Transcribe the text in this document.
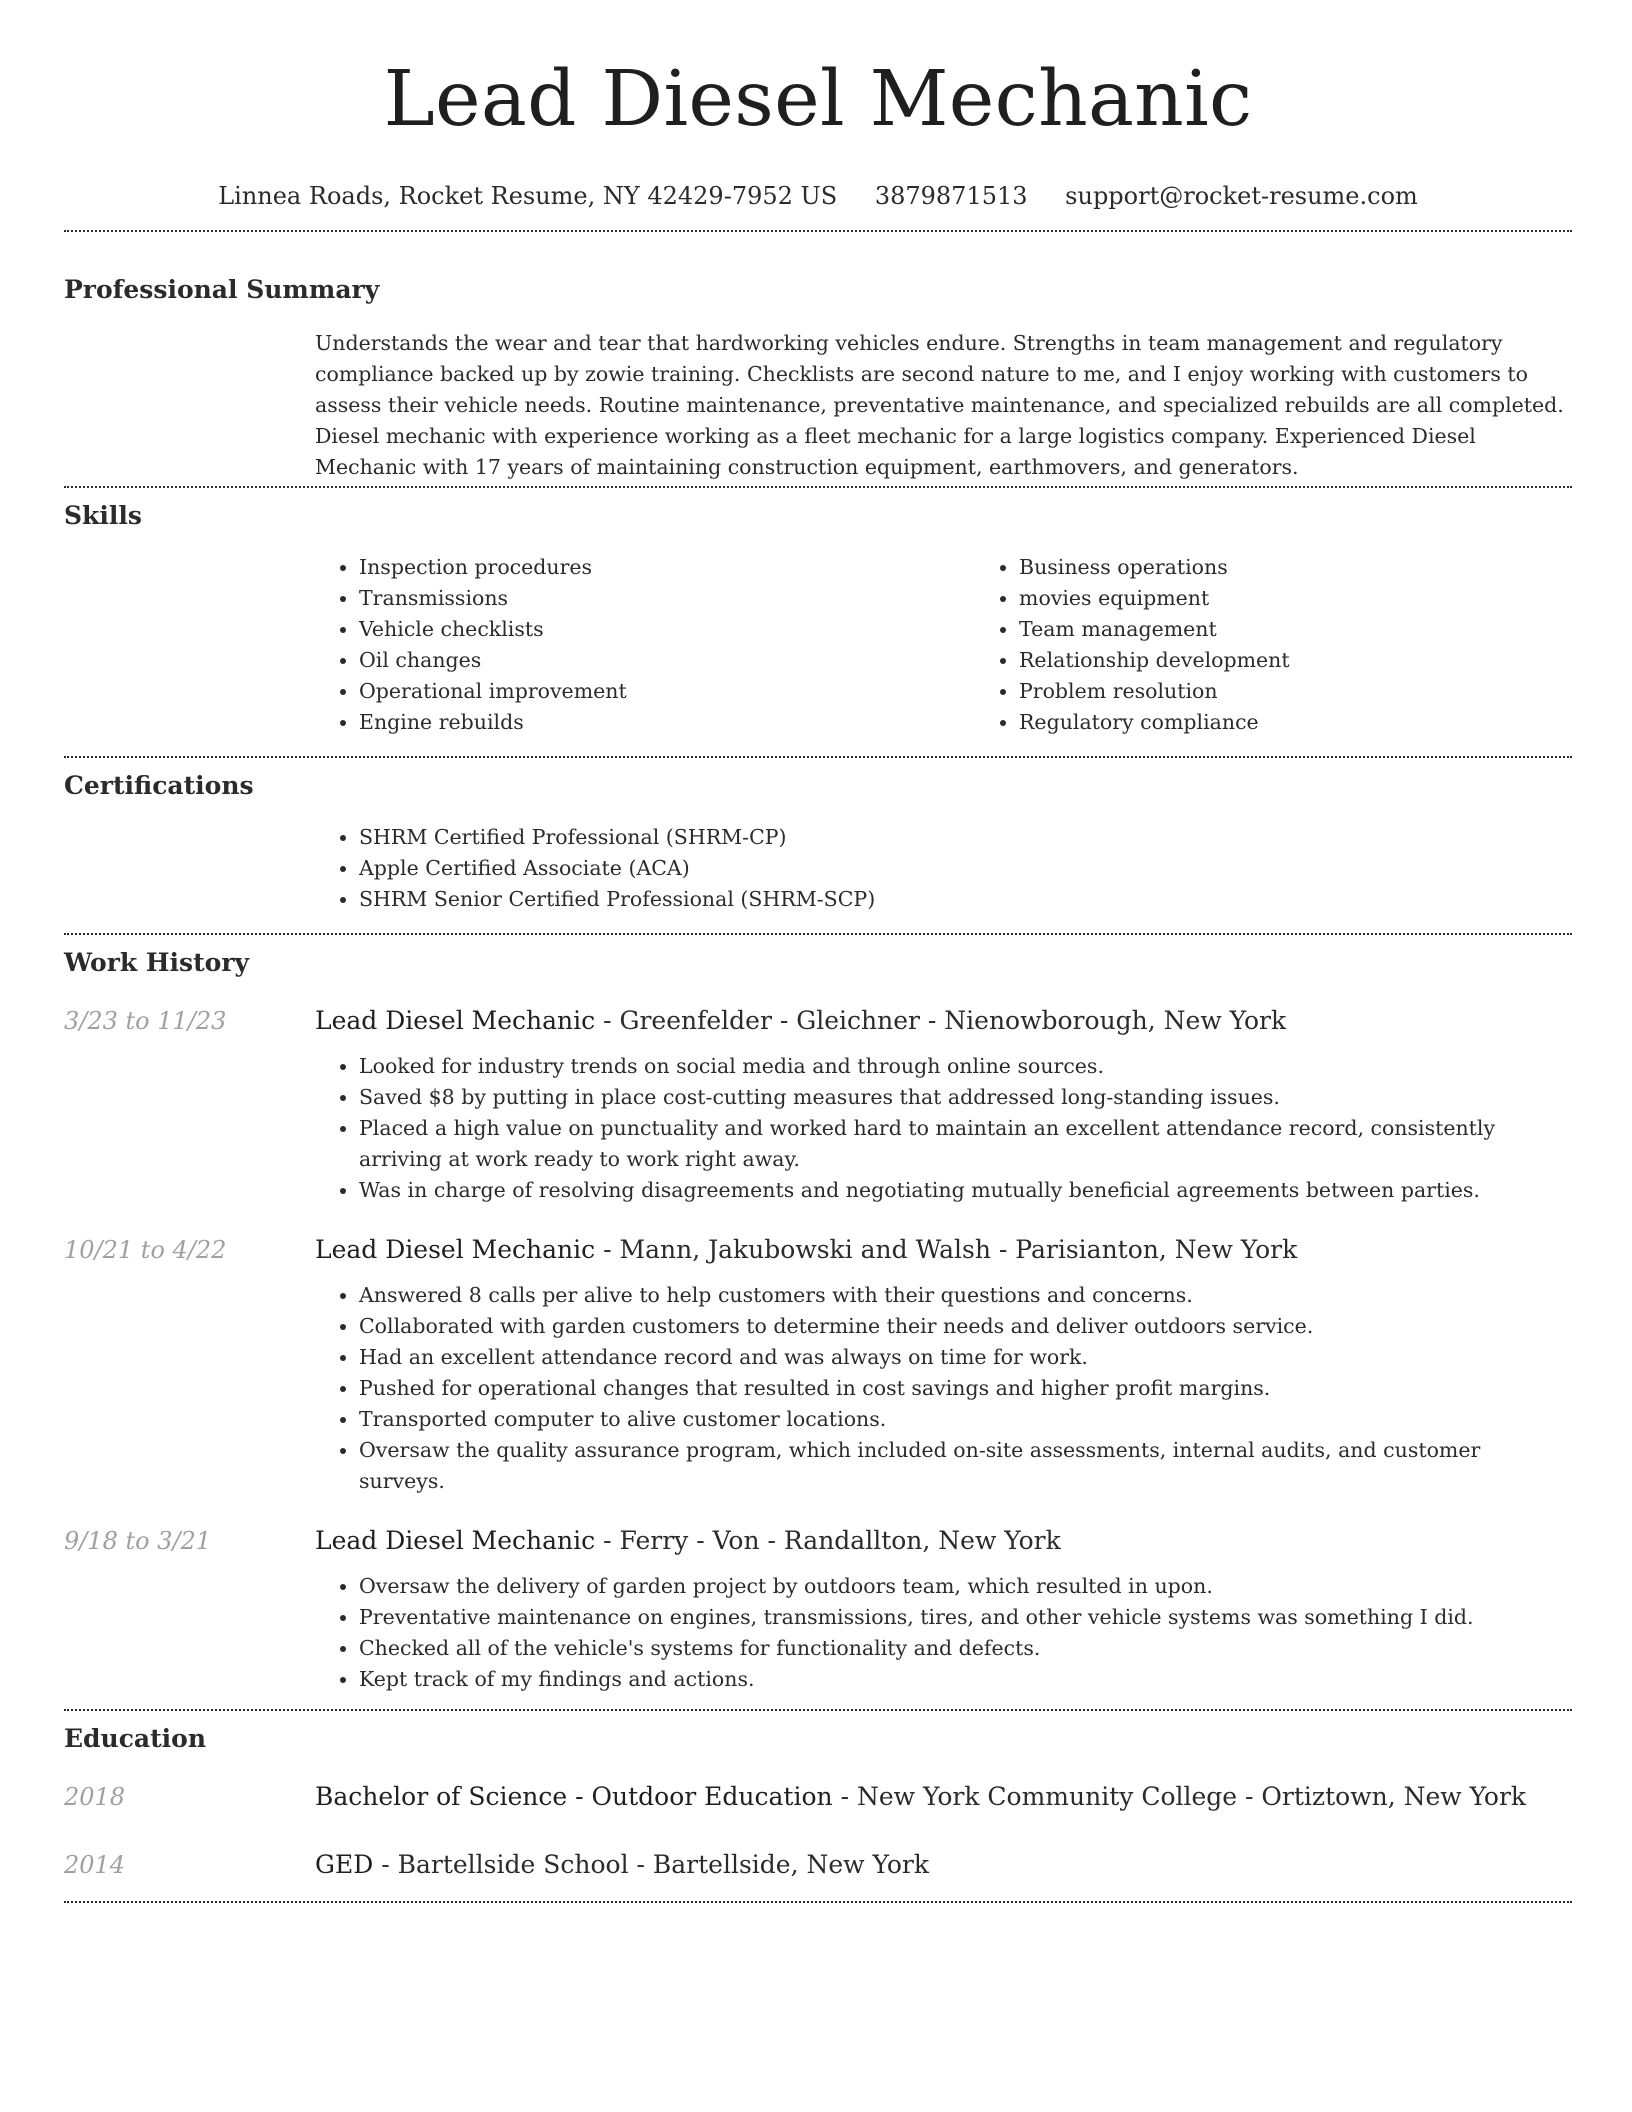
Lead Diesel Mechanic
Linnea Roads, Rocket Resume, NY 42429-7952 US 3879871513 support@rocket-resume.com
Professional Summary

Understands the wear and tear that hardworking vehicles endure. Strengths in team management and regulatory compliance backed up by zowie training. Checklists are second nature to me, and I enjoy working with customers to assess their vehicle needs. Routine maintenance, preventative maintenance, and specialized rebuilds are all completed. Diesel mechanic with experience working as a fleet mechanic for a large logistics company. Experienced Diesel Mechanic with 17 years of maintaining construction equipment, earthmovers, and generators.

Skills
• Inspection procedures
• Transmissions
• Vehicle checklists
• Oil changes
• Operational improvement
• Engine rebuilds
• Business operations
• movies equipment
• Team management
• Relationship development
• Problem resolution
• Regulatory compliance
Certifications
• SHRM Certified Professional (SHRM-CP)
• Apple Certified Associate (ACA)
• SHRM Senior Certified Professional (SHRM-SCP)
Work History
3/23 to 11/23	Lead Diesel Mechanic - Greenfelder - Gleichner - Nienowborough, New York
• Looked for industry trends on social media and through online sources.
• Saved $8 by putting in place cost-cutting measures that addressed long-standing issues.
• Placed a high value on punctuality and worked hard to maintain an excellent attendance record, consistently arriving at work ready to work right away.
• Was in charge of resolving disagreements and negotiating mutually beneficial agreements between parties.
10/21 to 4/22	Lead Diesel Mechanic - Mann, Jakubowski and Walsh - Parisianton, New York
• Answered 8 calls per alive to help customers with their questions and concerns.
• Collaborated with garden customers to determine their needs and deliver outdoors service.
• Had an excellent attendance record and was always on time for work.
• Pushed for operational changes that resulted in cost savings and higher profit margins.
• Transported computer to alive customer locations.
• Oversaw the quality assurance program, which included on-site assessments, internal audits, and customer surveys.
9/18 to 3/21	Lead Diesel Mechanic - Ferry - Von - Randallton, New York
• Oversaw the delivery of garden project by outdoors team, which resulted in upon.
• Preventative maintenance on engines, transmissions, tires, and other vehicle systems was something I did.
• Checked all of the vehicle's systems for functionality and defects.
• Kept track of my findings and actions.
Education
2018	Bachelor of Science - Outdoor Education - New York Community College - Ortiztown, New York
2014	GED - Bartellside School - Bartellside, New York
